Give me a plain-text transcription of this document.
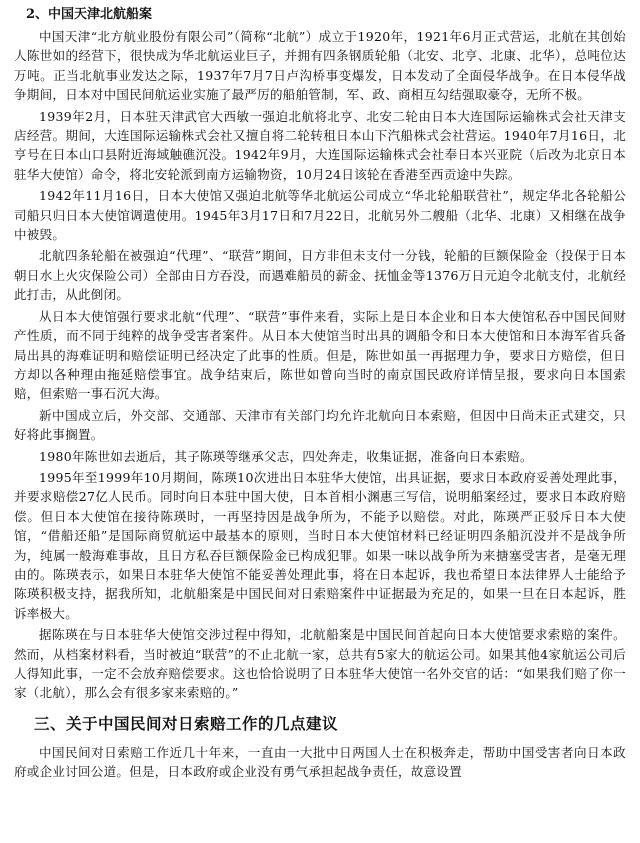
2、中国天津北航船案

中国天津“北方航业股份有限公司”（简称“北航”）成立于1920年，1921年6月正式营运，北航在其创始人陈世如的经营下，很快成为华北航运业巨子，并拥有四条钢质轮船（北安、北亨、北康、北华），总吨位达万吨。正当北航事业发达之际，1937年7月7日卢沟桥事变爆发，日本发动了全面侵华战争。在日本侵华战争期间，日本对中国民间航运业实施了最严厉的船舶管制，军、政、商相互勾结强取豪夺，无所不极。

1939年2月，日本驻天津武官大西敏一强迫北航将北亨、北安二轮由日本大连国际运输株式会社天津支店经营。期间，大连国际运输株式会社又擅自将二轮转租日本山下汽船株式会社营运。1940年7月16日，北亨号在日本山口县附近海域触礁沉没。1942年9月，大连国际运输株式会社奉日本兴亚院（后改为北京日本驻华大使馆）命令，将北安轮派到南方运输物资，10月24日该轮在香港至西贡途中失踪。

1942年11月16日，日本大使馆又强迫北航等华北航运公司成立“华北轮船联营社”，规定华北各轮船公司船只归日本大使馆调遣使用。1945年3月17日和7月22日，北航另外二艘船（北华、北康）又相继在战争中被毁。

北航四条轮船在被强迫“代理”、“联营”期间，日方非但未支付一分钱，轮船的巨额保险金（投保于日本朝日水上火灾保险公司）全部由日方吞没，而遇难船员的薪金、抚恤金等1376万日元迫令北航支付，北航经此打击，从此倒闭。

从日本大使馆强行要求北航“代理”、“联营”事件来看，实际上是日本企业和日本大使馆私吞中国民间财产性质，而不同于纯粹的战争受害者案件。从日本大使馆当时出具的调船令和日本大使馆和日本海军省兵备局出具的海难证明和赔偿证明已经决定了此事的性质。但是，陈世如虽一再据理力争，要求日方赔偿，但日方却以各种理由拖延赔偿事宜。战争结束后，陈世如曾向当时的南京国民政府详情呈报，要求向日本国索赔，但索赔一事石沉大海。

新中国成立后，外交部、交通部、天津市有关部门均允许北航向日本索赔，但因中日尚未正式建交，只好将此事搁置。

1980年陈世如去逝后，其子陈瑛等继承父志，四处奔走，收集证据，准备向日本索赔。

1995年至1999年10月期间，陈瑛10次进出日本驻华大使馆，出具证据，要求日本政府妥善处理此事，并要求赔偿27亿人民币。同时向日本驻中国大使，日本首相小渊惠三写信，说明船案经过，要求日本政府赔偿。但日本大使馆在接待陈瑛时，一再坚持因是战争所为，不能予以赔偿。对此，陈瑛严正驳斥日本大使馆，“借船还船”是国际商贸航运中最基本的原则，当时日本大使馆材料已经证明四条船沉没并不是战争所为，纯属一般海难事故，且日方私吞巨额保险金已构成犯罪。如果一味以战争所为来搪塞受害者，是毫无理由的。陈瑛表示，如果日本驻华大使馆不能妥善处理此事，将在日本起诉，我也希望日本法律界人士能给予陈瑛积极支持，据我所知，北航船案是中国民间对日索赔案件中证据最为充足的，如果一旦在日本起诉，胜诉率极大。

据陈瑛在与日本驻华大使馆交涉过程中得知，北航船案是中国民间首起向日本大使馆要求索赔的案件。然而，从档案材料看，当时被迫“联营”的不止北航一家，总共有5家大的航运公司。如果其他4家航运公司后人得知此事，一定不会放弃赔偿要求。这也恰恰说明了日本驻华大使馆一名外交官的话：“如果我们赔了你一家（北航），那么会有很多家来索赔的。”

三、关于中国民间对日索赔工作的几点建议

中国民间对日索赔工作近几十年来，一直由一大批中日两国人士在积极奔走，帮助中国受害者向日本政府或企业讨回公道。但是，日本政府或企业没有勇气承担起战争责任，故意设置
